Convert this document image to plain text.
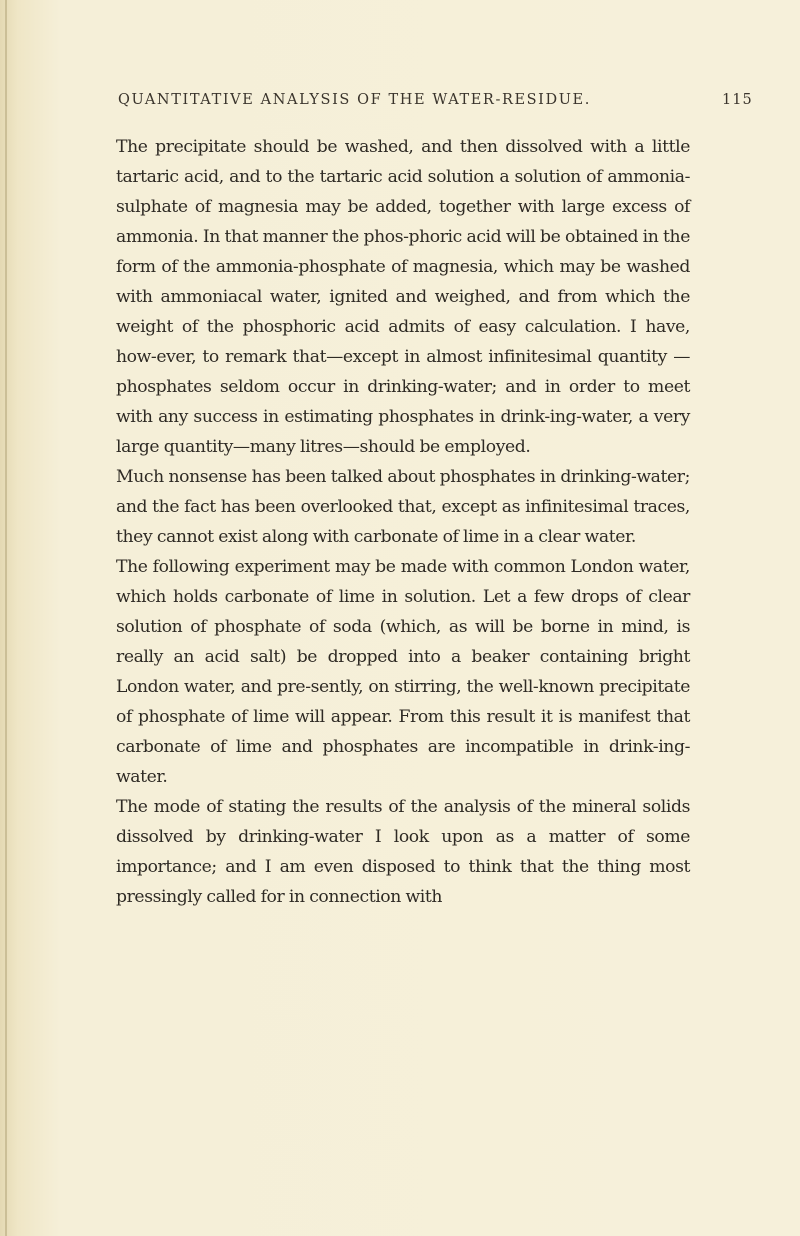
QUANTITATIVE ANALYSIS OF THE WATER-RESIDUE.	115

The precipitate should be washed, and then dissolved with a little tartaric acid, and to the tartaric acid solution a solution of ammonia-sulphate of magnesia may be added, together with large excess of ammonia. In that manner the phos-phoric acid will be obtained in the form of the ammonia-phosphate of magnesia, which may be washed with ammoniacal water, ignited and weighed, and from which the weight of the phosphoric acid admits of easy calculation. I have, how-ever, to remark that—except in almost infinitesimal quantity —phosphates seldom occur in drinking-water; and in order to meet with any success in estimating phosphates in drink-ing-water, a very large quantity—many litres—should be employed.

Much nonsense has been talked about phosphates in drinking-water; and the fact has been overlooked that, except as infinitesimal traces, they cannot exist along with carbonate of lime in a clear water.

The following experiment may be made with common London water, which holds carbonate of lime in solution. Let a few drops of clear solution of phosphate of soda (which, as will be borne in mind, is really an acid salt) be dropped into a beaker containing bright London water, and pre-sently, on stirring, the well-known precipitate of phosphate of lime will appear. From this result it is manifest that carbonate of lime and phosphates are incompatible in drink-ing-water.

The mode of stating the results of the analysis of the mineral solids dissolved by drinking-water I look upon as a matter of some importance; and I am even disposed to think that the thing most pressingly called for in connection with
